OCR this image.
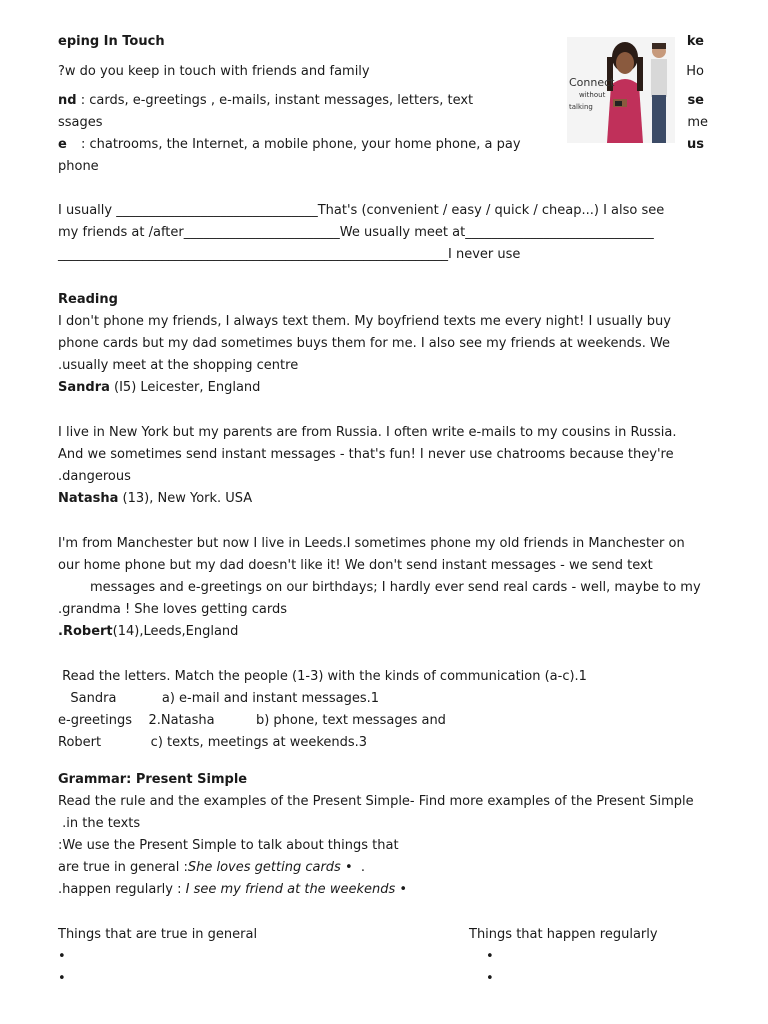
eping In Touch	ke
Ho
se
me
us
Connect
without
talking
?w do you keep in touch with friends and family
nd : cards, e-greetings , e-mails, instant messages, letters, text
ssages
e : chatrooms, the Internet, a mobile phone, your home phone, a pay
phone
I usually _______________________________That's (convenient / easy / quick / cheap...) I also see
my friends at /after________________________We usually meet at_____________________________
____________________________________________________________I never use
Reading
I don't phone my friends, I always text them. My boyfriend texts me every night! I usually buy
phone cards but my dad sometimes buys them for me. I also see my friends at weekends. We
.usually meet at the shopping centre
Sandra (I5) Leicester, England
I live in New York but my parents are from Russia. I often write e-mails to my cousins in Russia.
And we sometimes send instant messages - that's fun! I never use chatrooms because they're
.dangerous
Natasha (13), New York. USA
I'm from Manchester but now I live in Leeds.I sometimes phone my old friends in Manchester on
our home phone but my dad doesn't like it! We don't send instant messages - we send text
messages and e-greetings on our birthdays; I hardly ever send real cards - well, maybe to my
.grandma ! She loves getting cards
.Robert(14),Leeds,England
Read the letters. Match the people (1-3) with the kinds of communication (a-c).1
Sandra           a) e-mail and instant messages.1
e-greetings    2.Natasha          b) phone, text messages and
Robert            c) texts, meetings at weekends.3
Grammar: Present Simple
Read the rule and the examples of the Present Simple- Find more examples of the Present Simple
.in the texts
:We use the Present Simple to talk about things that
are true in general :She loves getting cards •  .
.happen regularly : I see my friend at the weekends •
Things that are true in general	Things that happen regularly
•
•
•
•
